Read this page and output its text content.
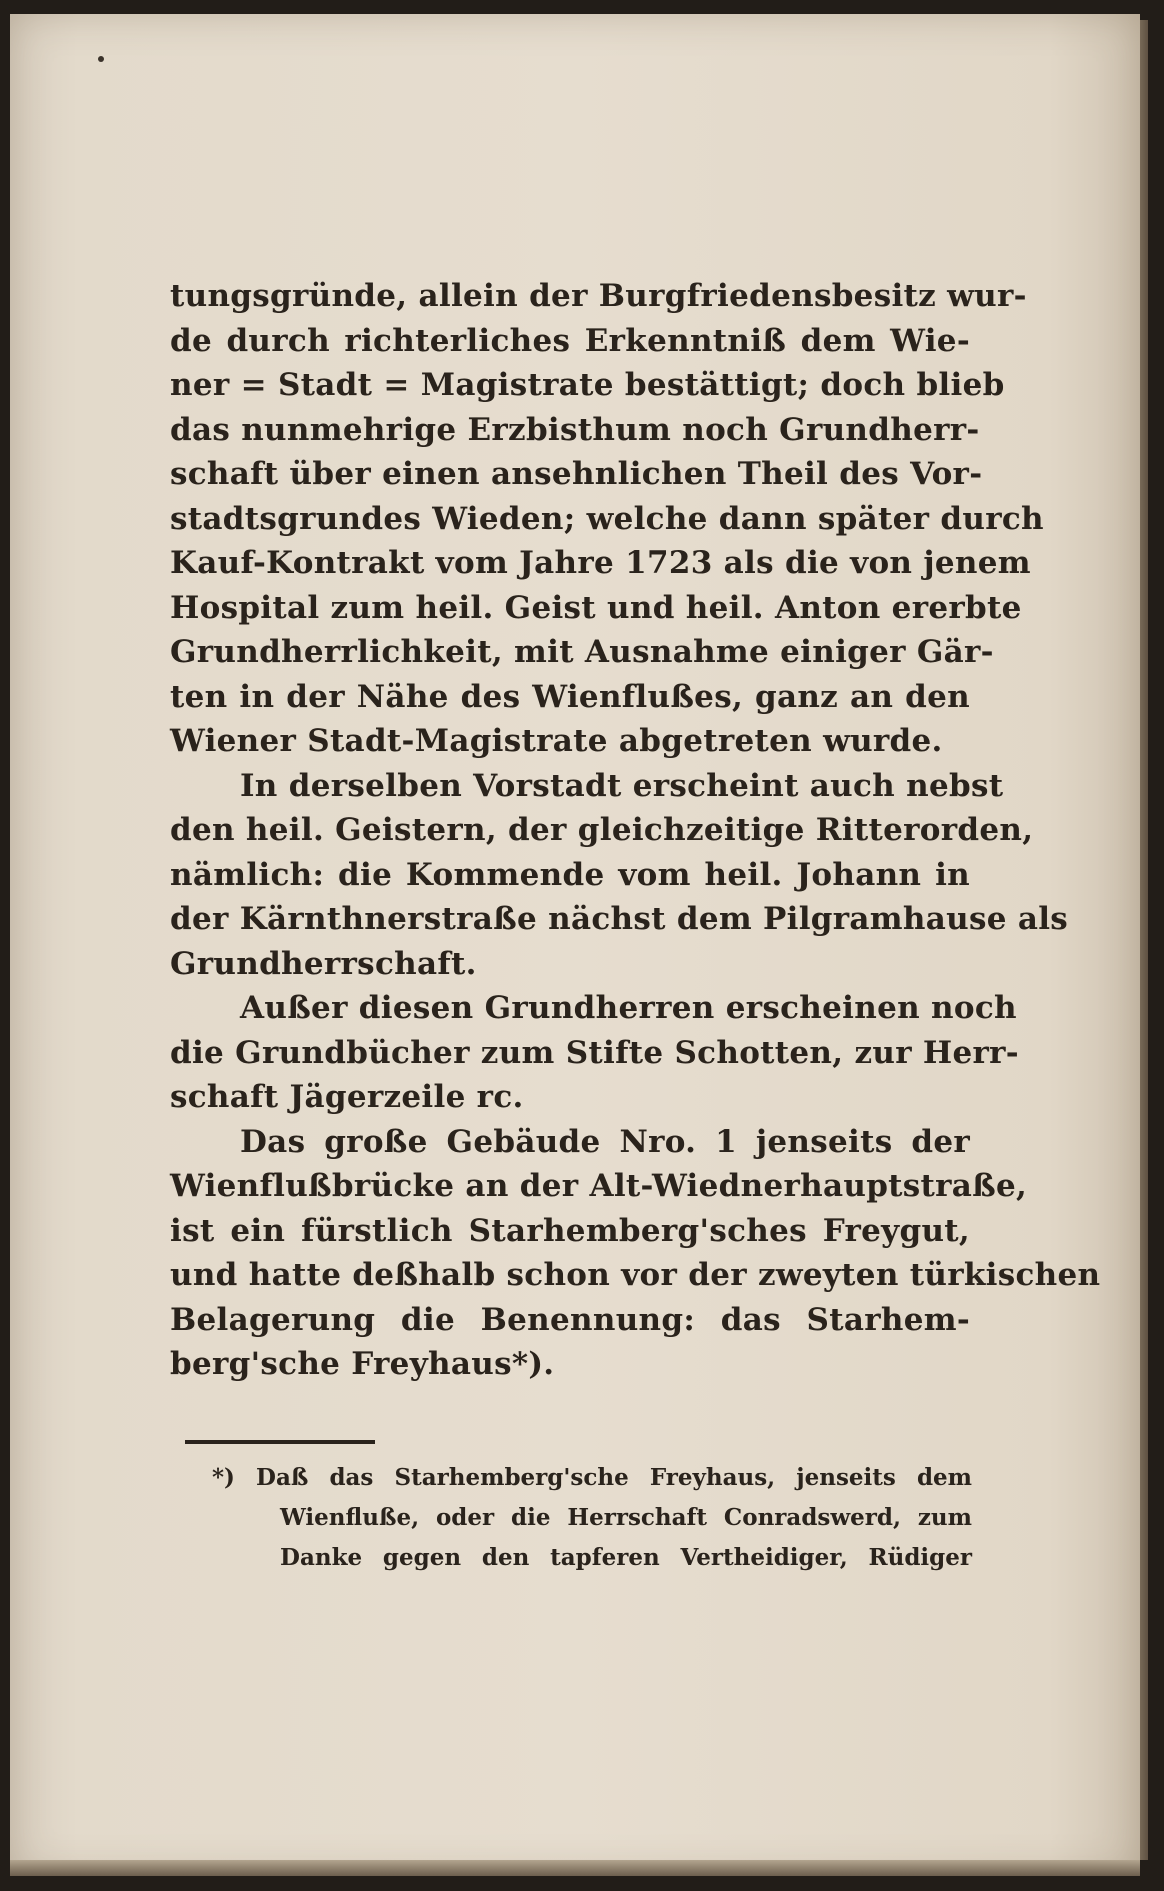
tungsgründe, allein der Burgfriedensbesitz wur-
de durch richterliches Erkenntniß dem Wie-
ner = Stadt = Magistrate bestättigt; doch blieb
das nunmehrige Erzbisthum noch Grundherr-
schaft über einen ansehnlichen Theil des Vor-
stadtsgrundes Wieden; welche dann später durch
Kauf-Kontrakt vom Jahre 1723 als die von jenem
Hospital zum heil. Geist und heil. Anton ererbte
Grundherrlichkeit, mit Ausnahme einiger Gär-
ten in der Nähe des Wienflußes, ganz an den
Wiener Stadt-Magistrate abgetreten wurde.
In derselben Vorstadt erscheint auch nebst
den heil. Geistern, der gleichzeitige Ritterorden,
nämlich: die Kommende vom heil. Johann in
der Kärnthnerstraße nächst dem Pilgramhause als
Grundherrschaft.
Außer diesen Grundherren erscheinen noch
die Grundbücher zum Stifte Schotten, zur Herr-
schaft Jägerzeile rc.
Das große Gebäude Nro. 1 jenseits der
Wienflußbrücke an der Alt-Wiednerhauptstraße,
ist ein fürstlich Starhemberg'sches Freygut,
und hatte deßhalb schon vor der zweyten türkischen
Belagerung die Benennung: das Starhem-
berg'sche Freyhaus*).
*) Daß das Starhemberg'sche Freyhaus, jenseits dem
Wienfluße, oder die Herrschaft Conradswerd, zum
Danke gegen den tapferen Vertheidiger, Rüdiger
